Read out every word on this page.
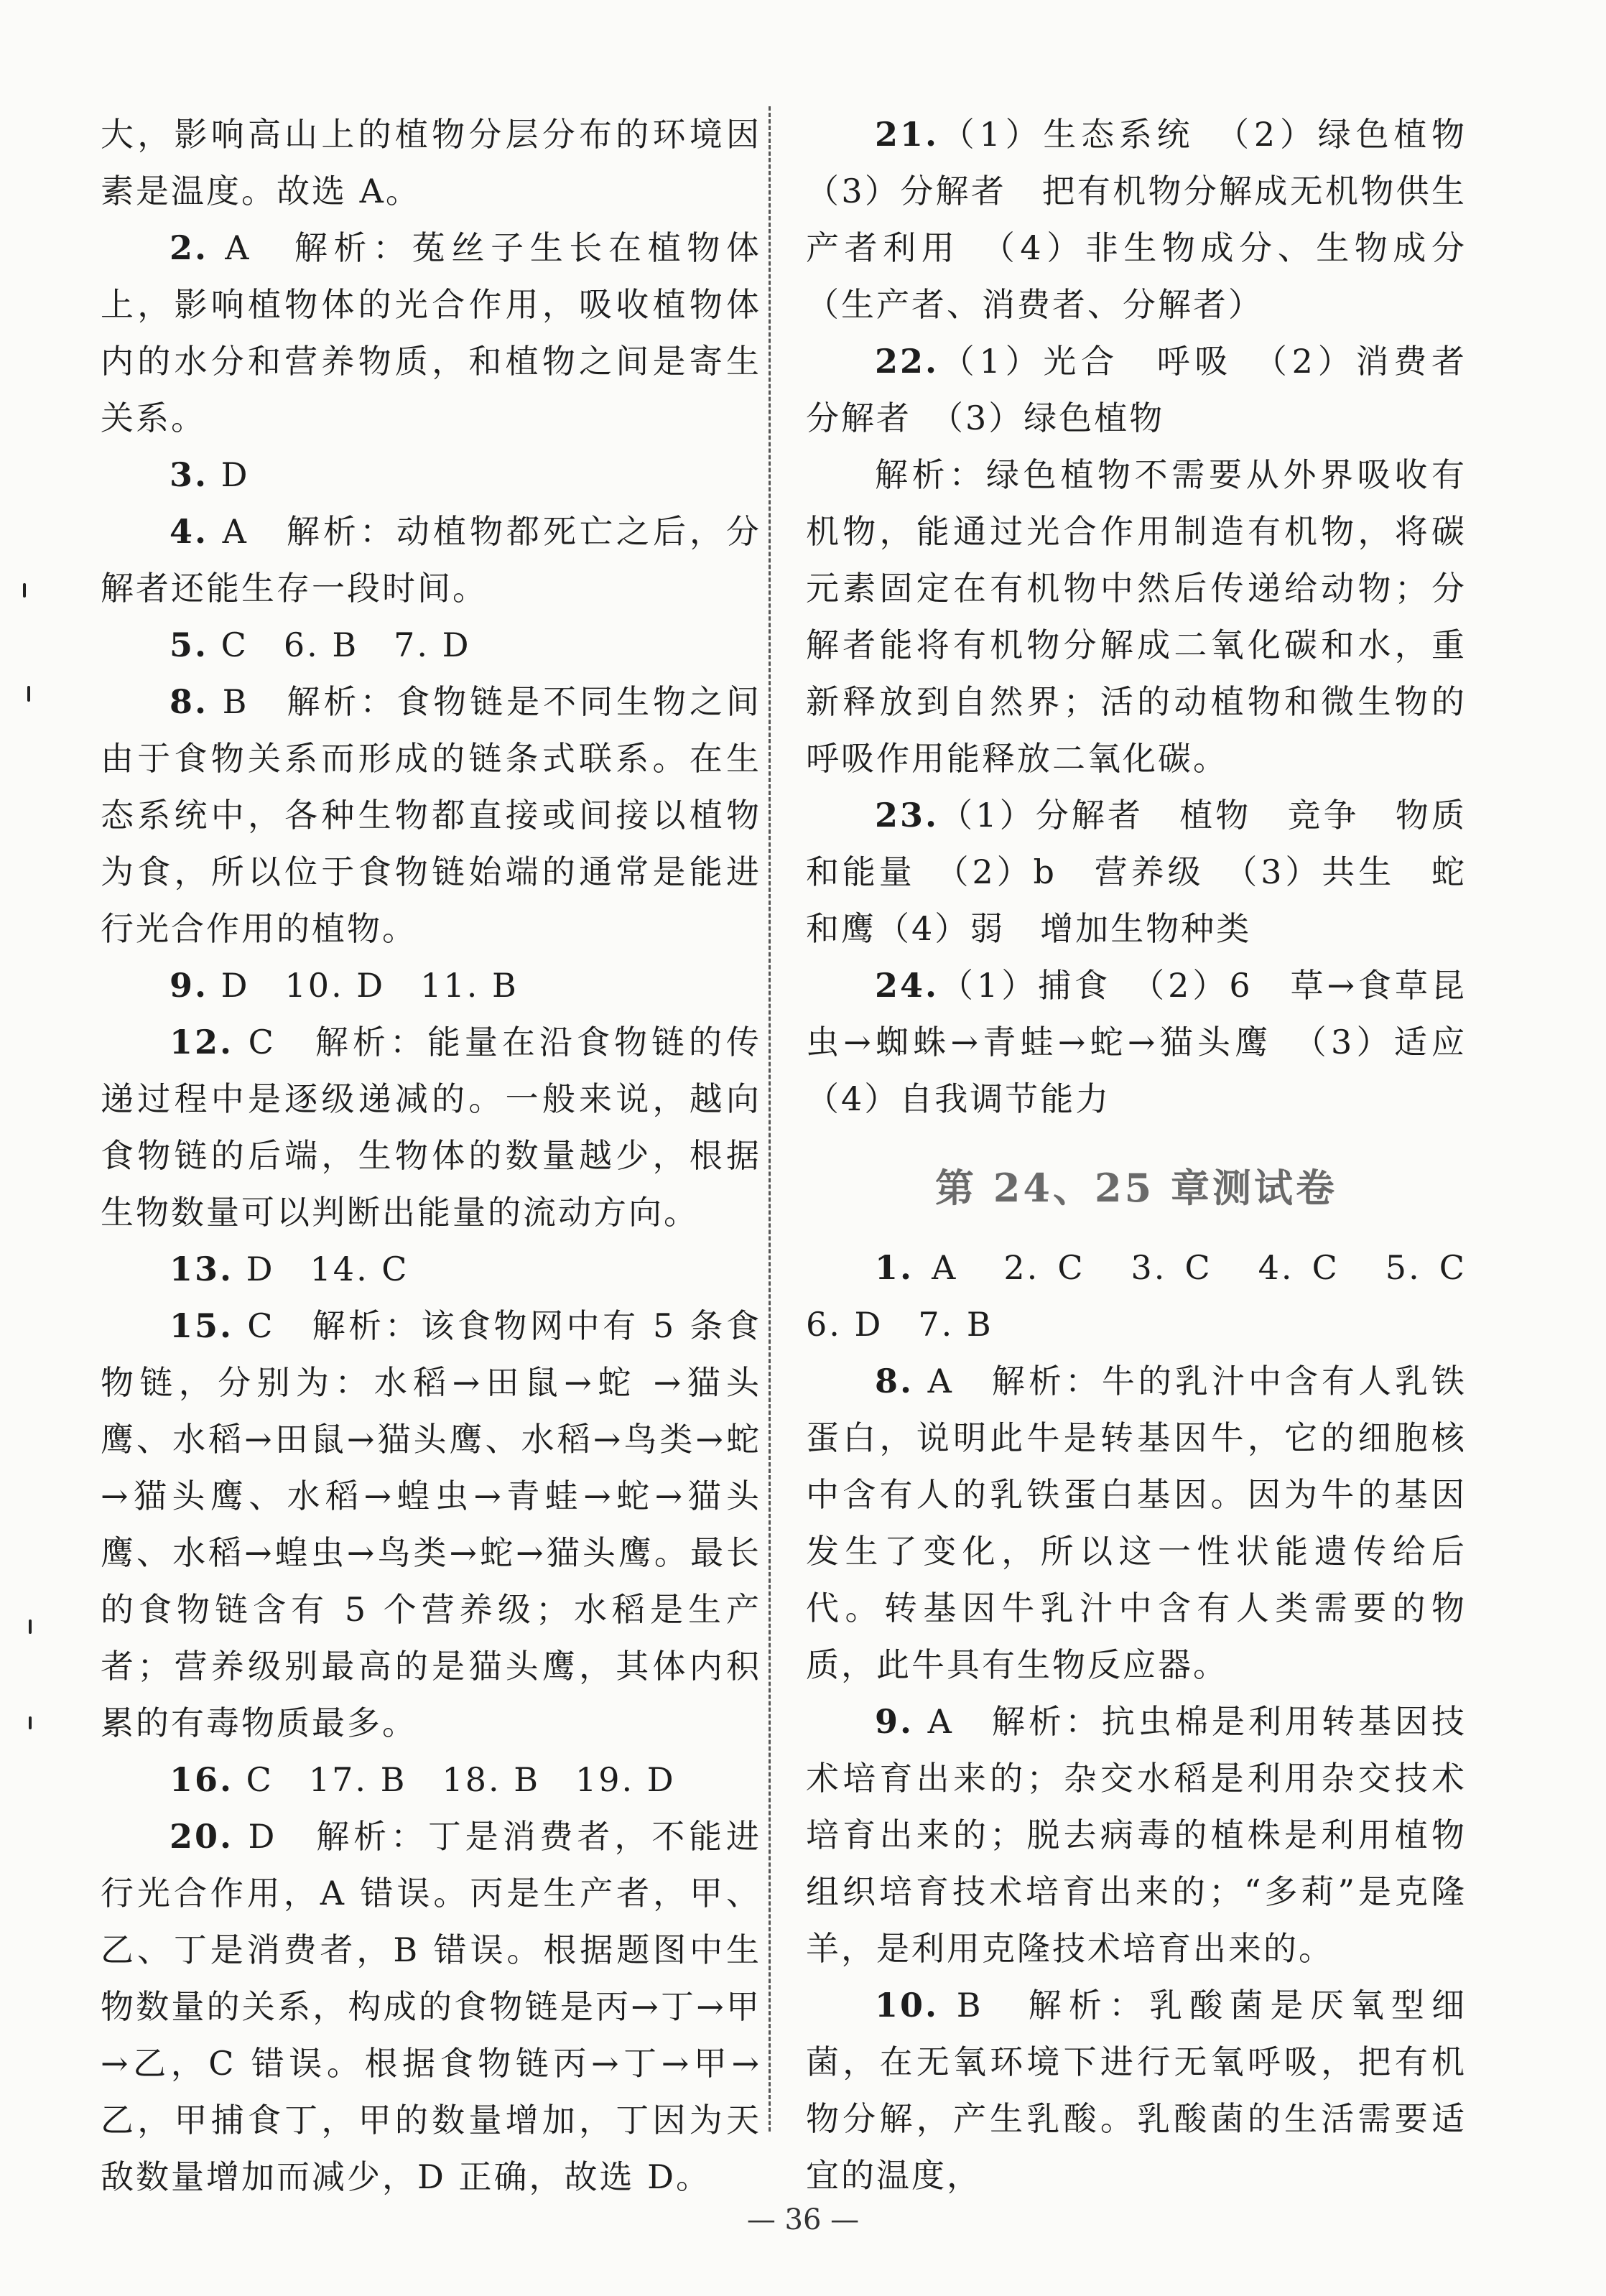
大，影响高山上的植物分层分布的环境因素是温度。故选 A。

2. A　解析：菟丝子生长在植物体上，影响植物体的光合作用，吸收植物体内的水分和营养物质，和植物之间是寄生关系。

3. D

4. A　解析：动植物都死亡之后，分解者还能生存一段时间。

5. C　6. B　7. D

8. B　解析：食物链是不同生物之间由于食物关系而形成的链条式联系。在生态系统中，各种生物都直接或间接以植物为食，所以位于食物链始端的通常是能进行光合作用的植物。

9. D　10. D　11. B

12. C　解析：能量在沿食物链的传递过程中是逐级递减的。一般来说，越向食物链的后端，生物体的数量越少，根据生物数量可以判断出能量的流动方向。

13. D　14. C

15. C　解析：该食物网中有 5 条食物链，分别为：水稻→田鼠→蛇 →猫头鹰、水稻→田鼠→猫头鹰、水稻→鸟类→蛇→猫头鹰、水稻→蝗虫→青蛙→蛇→猫头鹰、水稻→蝗虫→鸟类→蛇→猫头鹰。最长的食物链含有 5 个营养级；水稻是生产者；营养级别最高的是猫头鹰，其体内积累的有毒物质最多。

16. C　17. B　18. B　19. D

20. D　解析：丁是消费者，不能进行光合作用，A 错误。丙是生产者，甲、乙、丁是消费者，B 错误。根据题图中生物数量的关系，构成的食物链是丙→丁→甲→乙，C 错误。根据食物链丙→丁→甲→乙，甲捕食丁，甲的数量增加，丁因为天敌数量增加而减少，D 正确，故选 D。

21.（1）生态系统　（2）绿色植物（3）分解者　把有机物分解成无机物供生产者利用　（4）非生物成分、生物成分（生产者、消费者、分解者）

22.（1）光合　呼吸　（2）消费者　分解者　（3）绿色植物

解析：绿色植物不需要从外界吸收有机物，能通过光合作用制造有机物，将碳元素固定在有机物中然后传递给动物；分解者能将有机物分解成二氧化碳和水，重新释放到自然界；活的动植物和微生物的呼吸作用能释放二氧化碳。

23.（1）分解者　植物　竞争　物质和能量　（2）b　营养级　（3）共生　蛇和鹰（4）弱　增加生物种类

24.（1）捕食　（2）6　草→食草昆虫→蜘蛛→青蛙→蛇→猫头鹰　（3）适应（4）自我调节能力

第 24、25 章测试卷

1. A　2. C　3. C　4. C　5. C　6. D　7. B

8. A　解析：牛的乳汁中含有人乳铁蛋白，说明此牛是转基因牛，它的细胞核中含有人的乳铁蛋白基因。因为牛的基因发生了变化，所以这一性状能遗传给后代。转基因牛乳汁中含有人类需要的物质，此牛具有生物反应器。

9. A　解析：抗虫棉是利用转基因技术培育出来的；杂交水稻是利用杂交技术培育出来的；脱去病毒的植株是利用植物组织培育技术培育出来的；“多莉”是克隆羊，是利用克隆技术培育出来的。

10. B　解析：乳酸菌是厌氧型细菌，在无氧环境下进行无氧呼吸，把有机物分解，产生乳酸。乳酸菌的生活需要适宜的温度，

— 36 —
